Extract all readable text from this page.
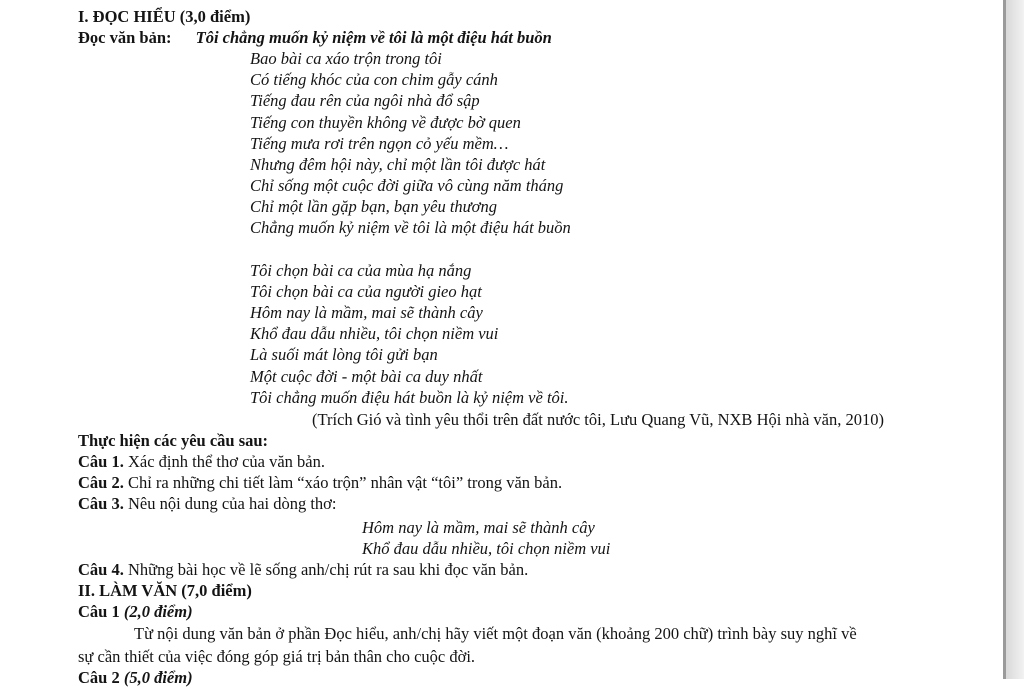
I. ĐỌC HIỂU (3,0 điểm)
Đọc văn bản: Tôi chẳng muốn kỷ niệm về tôi là một điệu hát buồn
Bao bài ca xáo trộn trong tôi
Có tiếng khóc của con chim gẫy cánh
Tiếng đau rên của ngôi nhà đổ sập
Tiếng con thuyền không về được bờ quen
Tiếng mưa rơi trên ngọn cỏ yếu mềm…
Nhưng đêm hội này, chỉ một lần tôi được hát
Chỉ sống một cuộc đời giữa vô cùng năm tháng
Chỉ một lần gặp bạn, bạn yêu thương
Chẳng muốn kỷ niệm về tôi là một điệu hát buồn
Tôi chọn bài ca của mùa hạ nắng
Tôi chọn bài ca của người gieo hạt
Hôm nay là mầm, mai sẽ thành cây
Khổ đau dẫu nhiều, tôi chọn niềm vui
Là suối mát lòng tôi gửi bạn
Một cuộc đời - một bài ca duy nhất
Tôi chẳng muốn điệu hát buồn là kỷ niệm về tôi.
(Trích Gió và tình yêu thổi trên đất nước tôi, Lưu Quang Vũ, NXB Hội nhà văn, 2010)
Thực hiện các yêu cầu sau:
Câu 1. Xác định thể thơ của văn bản.
Câu 2. Chỉ ra những chi tiết làm “xáo trộn” nhân vật “tôi” trong văn bản.
Câu 3. Nêu nội dung của hai dòng thơ:
Hôm nay là mầm, mai sẽ thành cây
Khổ đau dẫu nhiều, tôi chọn niềm vui
Câu 4. Những bài học về lẽ sống anh/chị rút ra sau khi đọc văn bản.
II. LÀM VĂN (7,0 điểm)
Câu 1 (2,0 điểm)
Từ nội dung văn bản ở phần Đọc hiểu, anh/chị hãy viết một đoạn văn (khoảng 200 chữ) trình bày suy nghĩ về
sự cần thiết của việc đóng góp giá trị bản thân cho cuộc đời.
Câu 2 (5,0 điểm)
